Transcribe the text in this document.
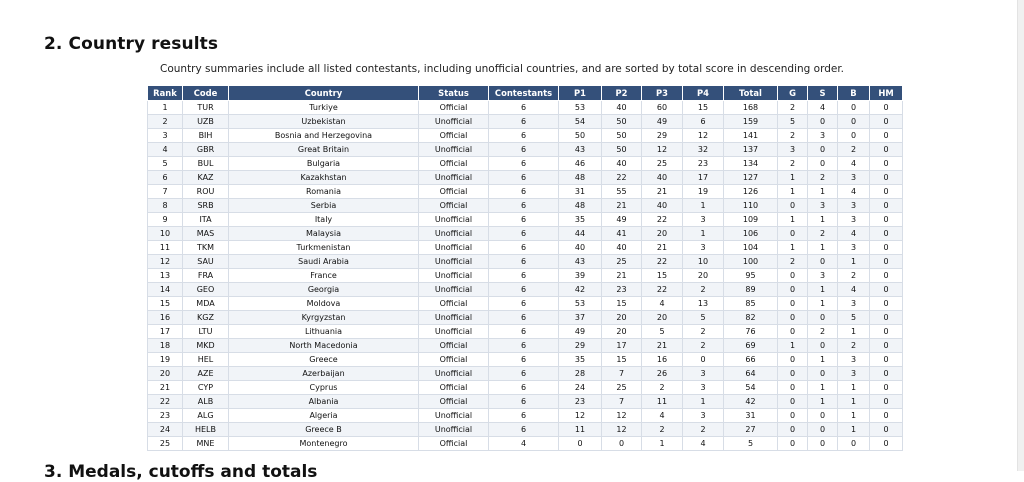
2. Country results

Country summaries include all listed contestants, including unofficial countries, and are sorted by total score in descending order.

Rank	Code	Country	Status	Contestants	P1	P2	P3	P4	Total	G	S	B	HM
1	TUR	Turkiye	Official	6	53	40	60	15	168	2	4	0	0
2	UZB	Uzbekistan	Unofficial	6	54	50	49	6	159	5	0	0	0
3	BIH	Bosnia and Herzegovina	Official	6	50	50	29	12	141	2	3	0	0
4	GBR	Great Britain	Unofficial	6	43	50	12	32	137	3	0	2	0
5	BUL	Bulgaria	Official	6	46	40	25	23	134	2	0	4	0
6	KAZ	Kazakhstan	Unofficial	6	48	22	40	17	127	1	2	3	0
7	ROU	Romania	Official	6	31	55	21	19	126	1	1	4	0
8	SRB	Serbia	Official	6	48	21	40	1	110	0	3	3	0
9	ITA	Italy	Unofficial	6	35	49	22	3	109	1	1	3	0
10	MAS	Malaysia	Unofficial	6	44	41	20	1	106	0	2	4	0
11	TKM	Turkmenistan	Unofficial	6	40	40	21	3	104	1	1	3	0
12	SAU	Saudi Arabia	Unofficial	6	43	25	22	10	100	2	0	1	0
13	FRA	France	Unofficial	6	39	21	15	20	95	0	3	2	0
14	GEO	Georgia	Unofficial	6	42	23	22	2	89	0	1	4	0
15	MDA	Moldova	Official	6	53	15	4	13	85	0	1	3	0
16	KGZ	Kyrgyzstan	Unofficial	6	37	20	20	5	82	0	0	5	0
17	LTU	Lithuania	Unofficial	6	49	20	5	2	76	0	2	1	0
18	MKD	North Macedonia	Official	6	29	17	21	2	69	1	0	2	0
19	HEL	Greece	Official	6	35	15	16	0	66	0	1	3	0
20	AZE	Azerbaijan	Unofficial	6	28	7	26	3	64	0	0	3	0
21	CYP	Cyprus	Official	6	24	25	2	3	54	0	1	1	0
22	ALB	Albania	Official	6	23	7	11	1	42	0	1	1	0
23	ALG	Algeria	Unofficial	6	12	12	4	3	31	0	0	1	0
24	HELB	Greece B	Unofficial	6	11	12	2	2	27	0	0	1	0
25	MNE	Montenegro	Official	4	0	0	1	4	5	0	0	0	0
3. Medals, cutoffs and totals
